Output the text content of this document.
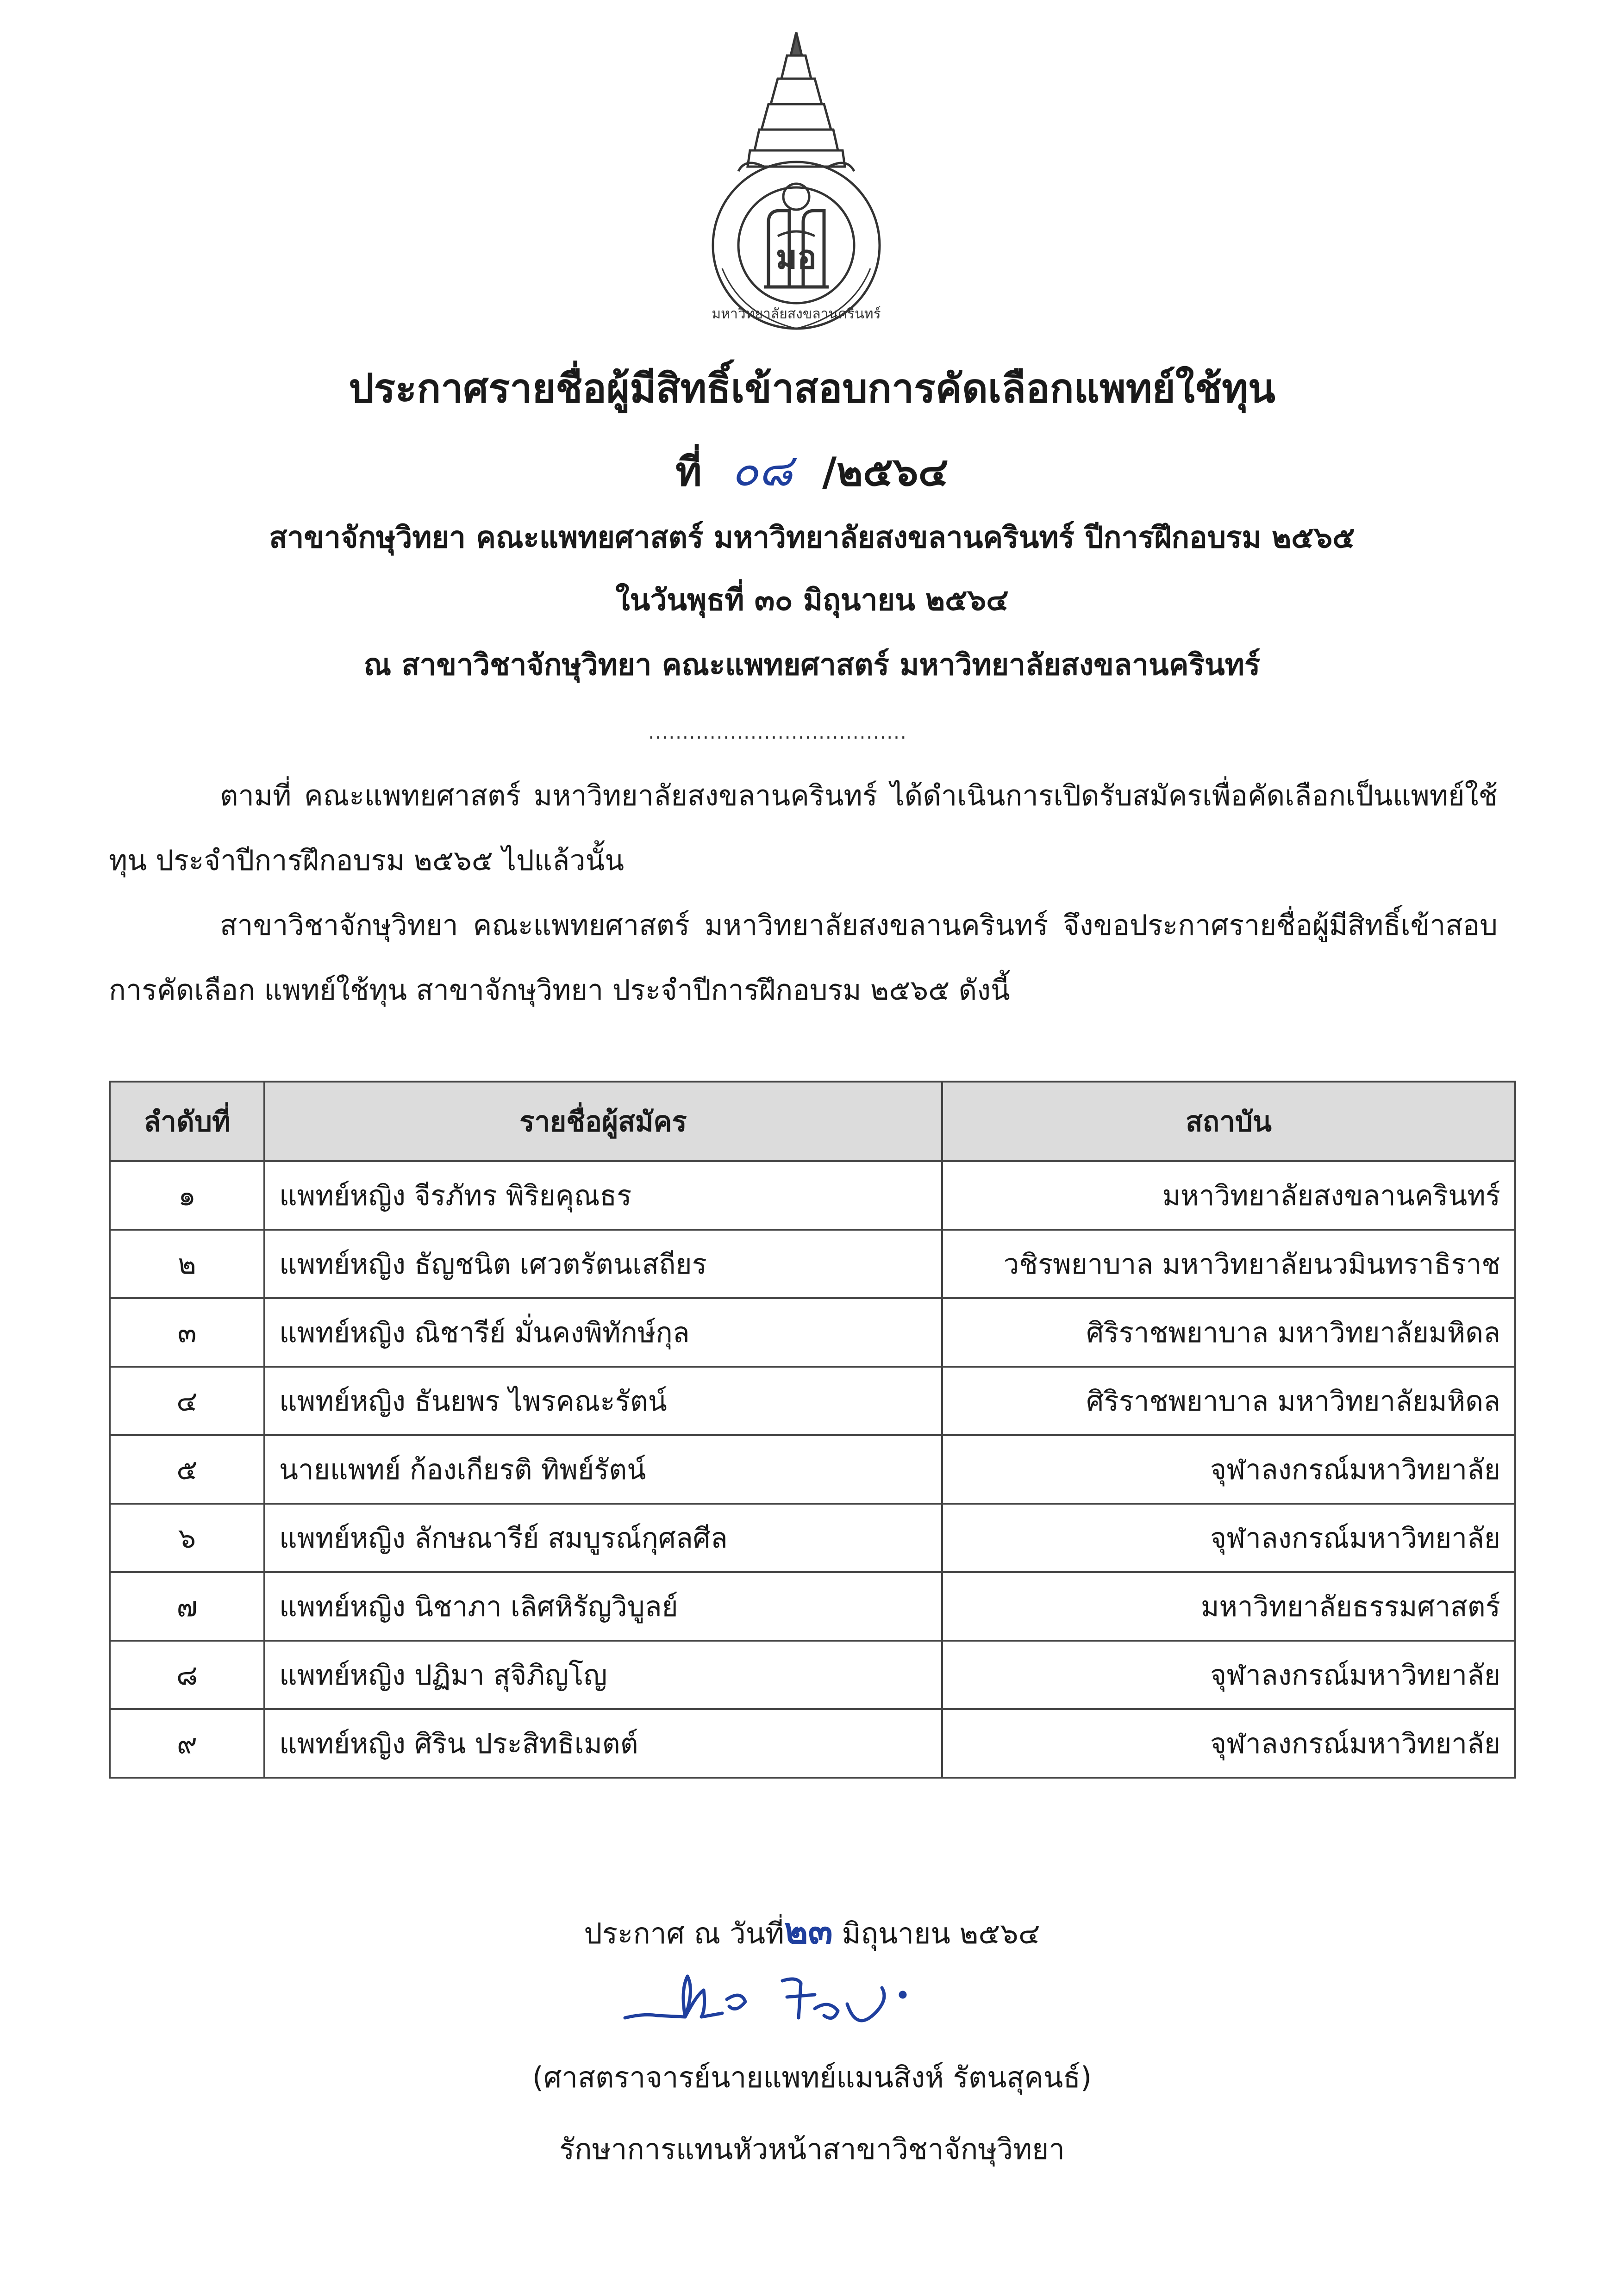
มหาวิทยาลัยสงขลานครินทร์
มอ
ประกาศรายชื่อผู้มีสิทธิ์เข้าสอบการคัดเลือกแพทย์ใช้ทุน
ที่ ๐๘ /๒๕๖๔
สาขาจักษุวิทยา คณะแพทยศาสตร์ มหาวิทยาลัยสงขลานครินทร์ ปีการฝึกอบรม ๒๕๖๕
ในวันพุธที่ ๓๐ มิถุนายน ๒๕๖๔
ณ สาขาวิชาจักษุวิทยา คณะแพทยศาสตร์ มหาวิทยาลัยสงขลานครินทร์
......................................
ตามที่ คณะแพทยศาสตร์ มหาวิทยาลัยสงขลานครินทร์ ได้ดำเนินการเปิดรับสมัครเพื่อคัดเลือกเป็นแพทย์ใช้ทุน ประจำปีการฝึกอบรม ๒๕๖๕ ไปแล้วนั้น
สาขาวิชาจักษุวิทยา คณะแพทยศาสตร์ มหาวิทยาลัยสงขลานครินทร์ จึงขอประกาศรายชื่อผู้มีสิทธิ์เข้าสอบการคัดเลือก แพทย์ใช้ทุน สาขาจักษุวิทยา ประจำปีการฝึกอบรม ๒๕๖๕ ดังนี้
ลำดับที่	รายชื่อผู้สมัคร	สถาบัน
๑	แพทย์หญิง จีรภัทร พิริยคุณธร	มหาวิทยาลัยสงขลานครินทร์
๒	แพทย์หญิง ธัญชนิต เศวตรัตนเสถียร	วชิรพยาบาล มหาวิทยาลัยนวมินทราธิราช
๓	แพทย์หญิง ณิชารีย์ มั่นคงพิทักษ์กุล	ศิริราชพยาบาล มหาวิทยาลัยมหิดล
๔	แพทย์หญิง ธันยพร ไพรคณะรัตน์	ศิริราชพยาบาล มหาวิทยาลัยมหิดล
๕	นายแพทย์ ก้องเกียรติ ทิพย์รัตน์	จุฬาลงกรณ์มหาวิทยาลัย
๖	แพทย์หญิง ลักษณารีย์ สมบูรณ์กุศลศีล	จุฬาลงกรณ์มหาวิทยาลัย
๗	แพทย์หญิง นิชาภา เลิศหิรัญวิบูลย์	มหาวิทยาลัยธรรมศาสตร์
๘	แพทย์หญิง ปฏิมา สุจิภิญโญ	จุฬาลงกรณ์มหาวิทยาลัย
๙	แพทย์หญิง ศิริน ประสิทธิเมตต์	จุฬาลงกรณ์มหาวิทยาลัย
ประกาศ ณ วันที่๒๓ มิถุนายน ๒๕๖๔
(ศาสตราจารย์นายแพทย์แมนสิงห์ รัตนสุคนธ์)
รักษาการแทนหัวหน้าสาขาวิชาจักษุวิทยา
